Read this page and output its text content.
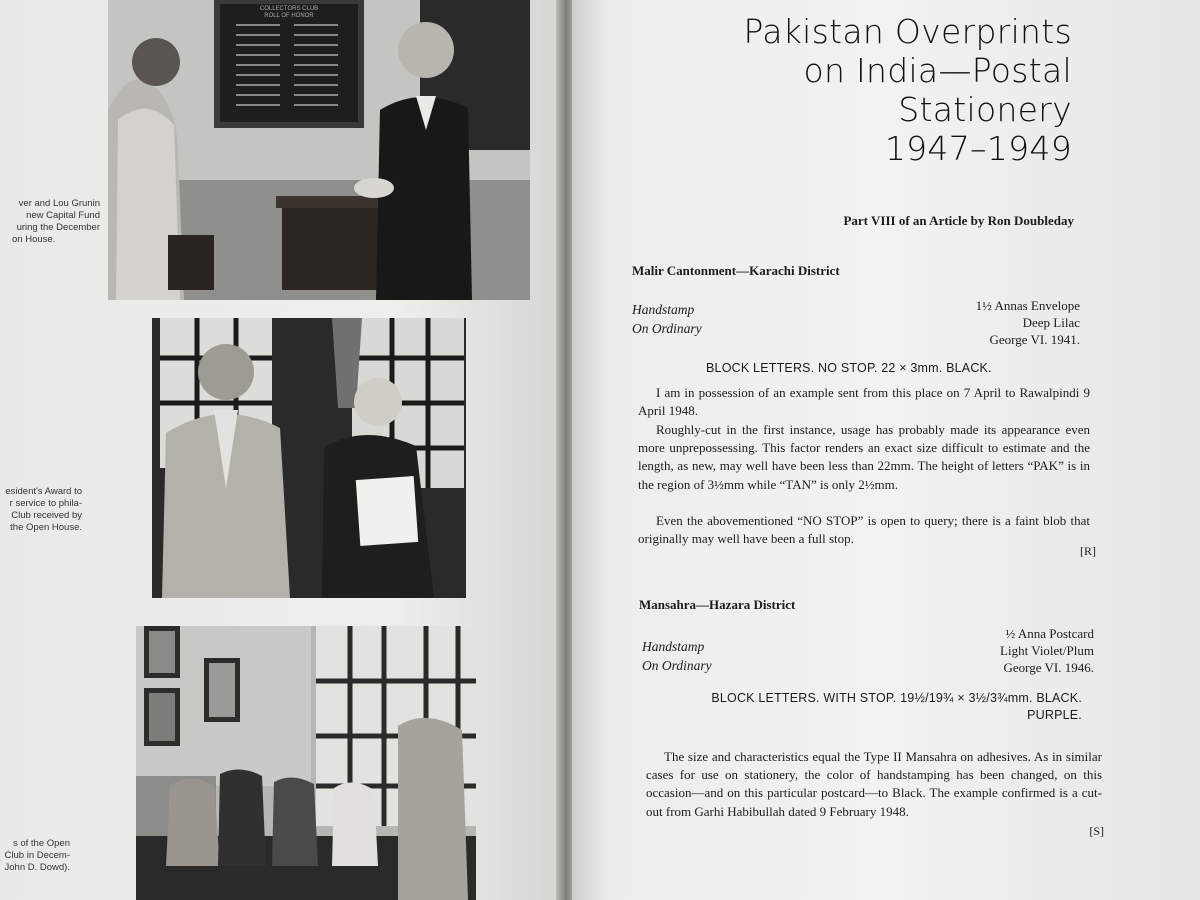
ver and Lou Grunin
new Capital Fund
uring the December
on House.
esident's Award to
r service to phila-
Club received by
the Open House.
s of the Open
Club in Decem-
John D. Dowd).
COLLECTORS CLUB
ROLL OF HONOR	Pakistan Overprints
on India—Postal
Stationery
1947–1949
Part VIII of an Article by Ron Doubleday
Malir Cantonment—Karachi District
Handstamp
On Ordinary
1½ Annas Envelope
Deep Lilac
George VI. 1941.
BLOCK LETTERS. NO STOP. 22 × 3mm. BLACK.
I am in possession of an example sent from this place on 7 April to Rawalpindi 9 April 1948.
Roughly-cut in the first instance, usage has probably made its appearance even more unprepossessing. This factor renders an exact size difficult to estimate and the length, as new, may well have been less than 22mm. The height of letters “PAK” is in the region of 3½mm while “TAN” is only 2½mm.
Even the abovementioned “NO STOP” is open to query; there is a faint blob that originally may well have been a full stop.
[R]
Mansahra—Hazara District
Handstamp
On Ordinary
½ Anna Postcard
Light Violet/Plum
George VI. 1946.
BLOCK LETTERS. WITH STOP. 19½/19¾ × 3½/3¾mm. BLACK.
PURPLE.
The size and characteristics equal the Type II Mansahra on adhesives. As in similar cases for use on stationery, the color of handstamping has been changed, on this occasion—and on this particular postcard—to Black. The example confirmed is a cut-out from Garhi Habibullah dated 9 February 1948.
[S]
